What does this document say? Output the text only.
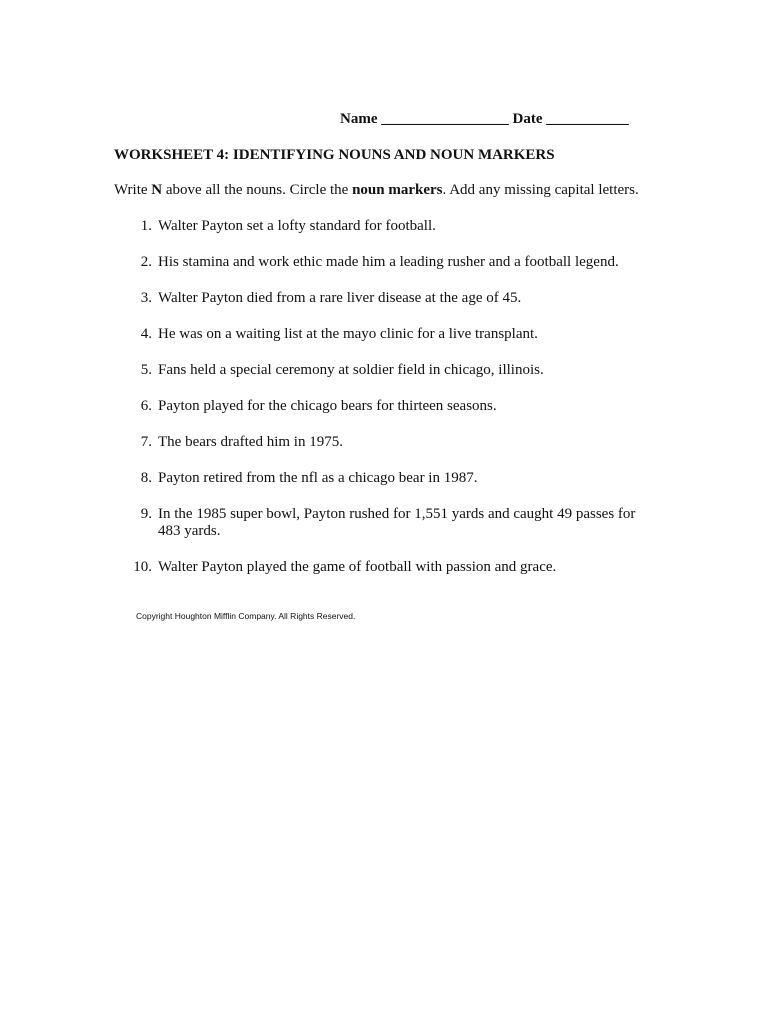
Name _________________ Date ___________
WORKSHEET 4: IDENTIFYING NOUNS AND NOUN MARKERS
Write N above all the nouns. Circle the noun markers. Add any missing capital letters.
1. Walter Payton set a lofty standard for football.
2. His stamina and work ethic made him a leading rusher and a football legend.
3. Walter Payton died from a rare liver disease at the age of 45.
4. He was on a waiting list at the mayo clinic for a live transplant.
5. Fans held a special ceremony at soldier field in chicago, illinois.
6. Payton played for the chicago bears for thirteen seasons.
7. The bears drafted him in 1975.
8. Payton retired from the nfl as a chicago bear in 1987.
9. In the 1985 super bowl, Payton rushed for 1,551 yards and caught 49 passes for 483 yards.
10. Walter Payton played the game of football with passion and grace.
Copyright Houghton Mifflin Company. All Rights Reserved.
